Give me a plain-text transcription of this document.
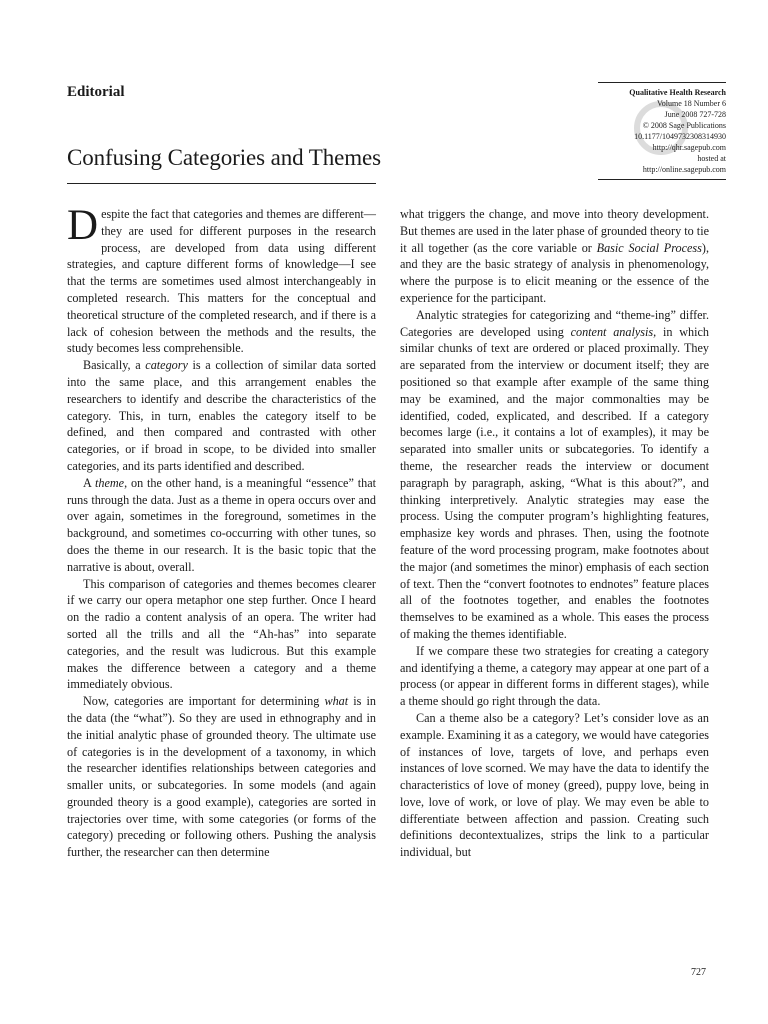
Editorial	Qualitative Health Research
Volume 18 Number 6
June 2008 727-728
© 2008 Sage Publications
10.1177/1049732308314930
http://qhr.sagepub.com
hosted at
http://online.sagepub.com
Confusing Categories and Themes

Despite the fact that categories and themes are different—they are used for different purposes in the research process, are developed from data using different strategies, and capture different forms of knowledge—I see that the terms are sometimes used almost interchangeably in completed research. This matters for the conceptual and theoretical structure of the completed research, and if there is a lack of cohesion between the methods and the results, the study becomes less comprehensible.

Basically, a category is a collection of similar data sorted into the same place, and this arrangement enables the researchers to identify and describe the characteristics of the category. This, in turn, enables the category itself to be defined, and then compared and contrasted with other categories, or if broad in scope, to be divided into smaller categories, and its parts identified and described.

A theme, on the other hand, is a meaningful “essence” that runs through the data. Just as a theme in opera occurs over and over again, sometimes in the foreground, sometimes in the background, and sometimes co-occurring with other tunes, so does the theme in our research. It is the basic topic that the narrative is about, overall.

This comparison of categories and themes becomes clearer if we carry our opera metaphor one step further. Once I heard on the radio a content analysis of an opera. The writer had sorted all the trills and all the “Ah-has” into separate categories, and the result was ludicrous. But this example makes the difference between a category and a theme immediately obvious.

Now, categories are important for determining what is in the data (the “what”). So they are used in ethnography and in the initial analytic phase of grounded theory. The ultimate use of categories is in the development of a taxonomy, in which the researcher identifies relationships between categories and smaller units, or subcategories. In some models (and again grounded theory is a good example), categories are sorted in trajectories over time, with some categories (or forms of the category) preceding or following others. Pushing the analysis further, the researcher can then determine

what triggers the change, and move into theory development. But themes are used in the later phase of grounded theory to tie it all together (as the core variable or Basic Social Process), and they are the basic strategy of analysis in phenomenology, where the purpose is to elicit meaning or the essence of the experience for the participant.

Analytic strategies for categorizing and “theme-ing” differ. Categories are developed using content analysis, in which similar chunks of text are ordered or placed proximally. They are separated from the interview or document itself; they are positioned so that example after example of the same thing may be examined, and the major commonalties may be identified, coded, explicated, and described. If a category becomes large (i.e., it contains a lot of examples), it may be separated into smaller units or subcategories. To identify a theme, the researcher reads the interview or document paragraph by paragraph, asking, “What is this about?”, and thinking interpretively. Analytic strategies may ease the process. Using the computer program’s highlighting features, emphasize key words and phrases. Then, using the footnote feature of the word processing program, make footnotes about the major (and sometimes the minor) emphasis of each section of text. Then the “convert footnotes to endnotes” feature places all of the footnotes together, and enables the footnotes themselves to be examined as a whole. This eases the process of making the themes identifiable.

If we compare these two strategies for creating a category and identifying a theme, a category may appear at one part of a process (or appear in different forms in different stages), while a theme should go right through the data.

Can a theme also be a category? Let’s consider love as an example. Examining it as a category, we would have categories of instances of love, targets of love, and perhaps even instances of love scorned. We may have the data to identify the characteristics of love of money (greed), puppy love, being in love, love of work, or love of play. We may even be able to differentiate between affection and passion. Creating such definitions decontextualizes, strips the link to a particular individual, but

727
